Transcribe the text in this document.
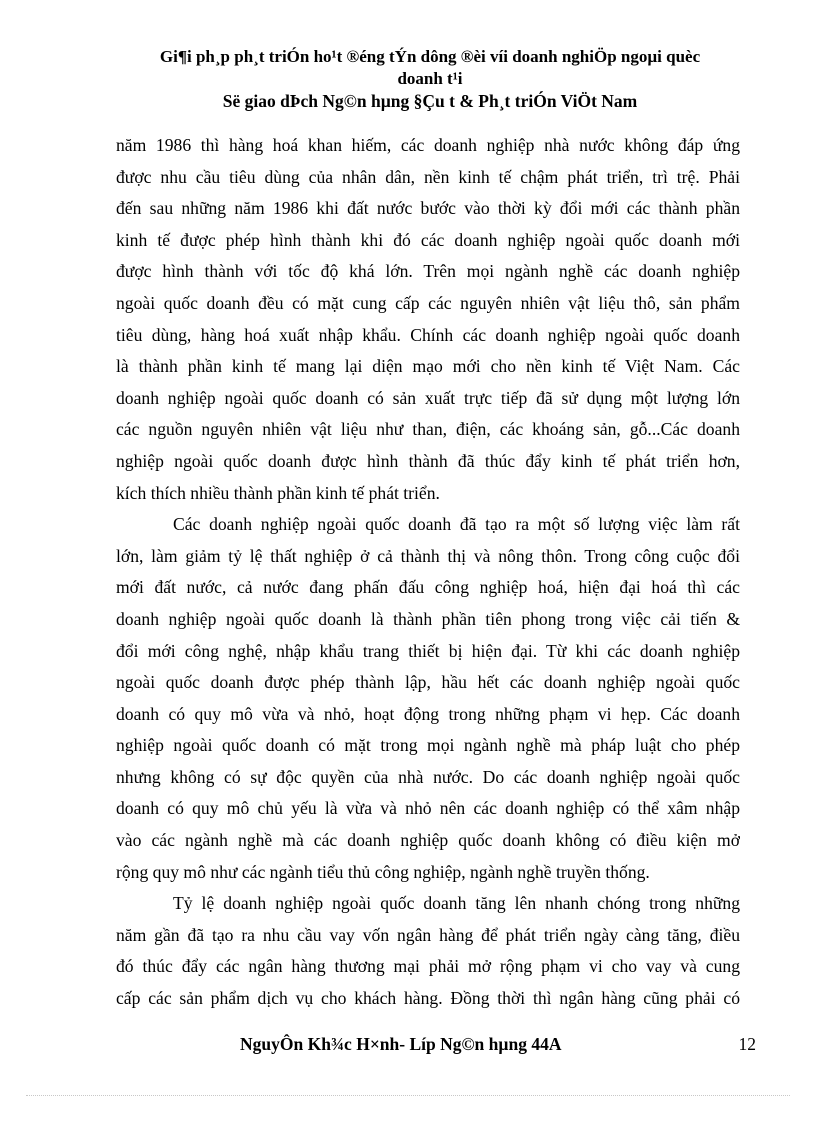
Gi¶i ph¸p ph¸t triÓn ho¹t ®éng tÝn dông ®èi víi doanh nghiÖp ngoµi quèc
doanh t¹i
Së giao dÞch Ng©n hµng §Çu t & Ph¸t triÓn ViÖt Nam
năm 1986 thì hàng hoá khan hiếm, các doanh nghiệp nhà nước không đáp ứng
được nhu cầu tiêu dùng của nhân dân, nền kinh tế chậm phát triển, trì trệ. Phải
đến sau những năm 1986 khi đất nước bước vào thời kỳ đổi mới các thành phần
kinh tế được phép hình thành khi đó các doanh nghiệp ngoài quốc doanh mới
được hình thành với tốc độ khá lớn. Trên mọi ngành nghề các doanh nghiệp
ngoài quốc doanh đều có mặt cung cấp các nguyên nhiên vật liệu thô, sản phẩm
tiêu dùng, hàng hoá xuất nhập khẩu. Chính các doanh nghiệp ngoài quốc doanh
là thành phần kinh tế mang lại diện mạo mới cho nền kinh tế Việt Nam. Các
doanh nghiệp ngoài quốc doanh có sản xuất trực tiếp đã sử dụng một lượng lớn
các nguồn nguyên nhiên vật liệu như than, điện, các khoáng sản, gỗ...Các doanh
nghiệp ngoài quốc doanh được hình thành đã thúc đẩy kinh tế phát triển hơn,
kích thích nhiều thành phần kinh tế phát triển.
Các doanh nghiệp ngoài quốc doanh đã tạo ra một số lượng việc làm rất
lớn, làm giảm tỷ lệ thất nghiệp ở cả thành thị và nông thôn. Trong công cuộc đổi
mới đất nước, cả nước đang phấn đấu công nghiệp hoá, hiện đại hoá thì các
doanh nghiệp ngoài quốc doanh là thành phần tiên phong trong việc cải tiến &
đổi mới công nghệ, nhập khẩu trang thiết bị hiện đại. Từ khi các doanh nghiệp
ngoài quốc doanh được phép thành lập, hầu hết các doanh nghiệp ngoài quốc
doanh có quy mô vừa và nhỏ, hoạt động trong những phạm vi hẹp. Các doanh
nghiệp ngoài quốc doanh có mặt trong mọi ngành nghề mà pháp luật cho phép
nhưng không có sự độc quyền của nhà nước. Do các doanh nghiệp ngoài quốc
doanh có quy mô chủ yếu là vừa và nhỏ nên các doanh nghiệp có thể xâm nhập
vào các ngành nghề mà các doanh nghiệp quốc doanh không có điều kiện mở
rộng quy mô như các ngành tiểu thủ công nghiệp, ngành nghề truyền thống.
Tỷ lệ doanh nghiệp ngoài quốc doanh tăng lên nhanh chóng trong những
năm gần đã tạo ra nhu cầu vay vốn ngân hàng để phát triển ngày càng tăng, điều
đó thúc đẩy các ngân hàng thương mại phải mở rộng phạm vi cho vay và cung
cấp các sản phẩm dịch vụ cho khách hàng. Đồng thời thì ngân hàng cũng phải có
NguyÔn Kh¾c H×nh- Líp Ng©n hµng 44A	12
